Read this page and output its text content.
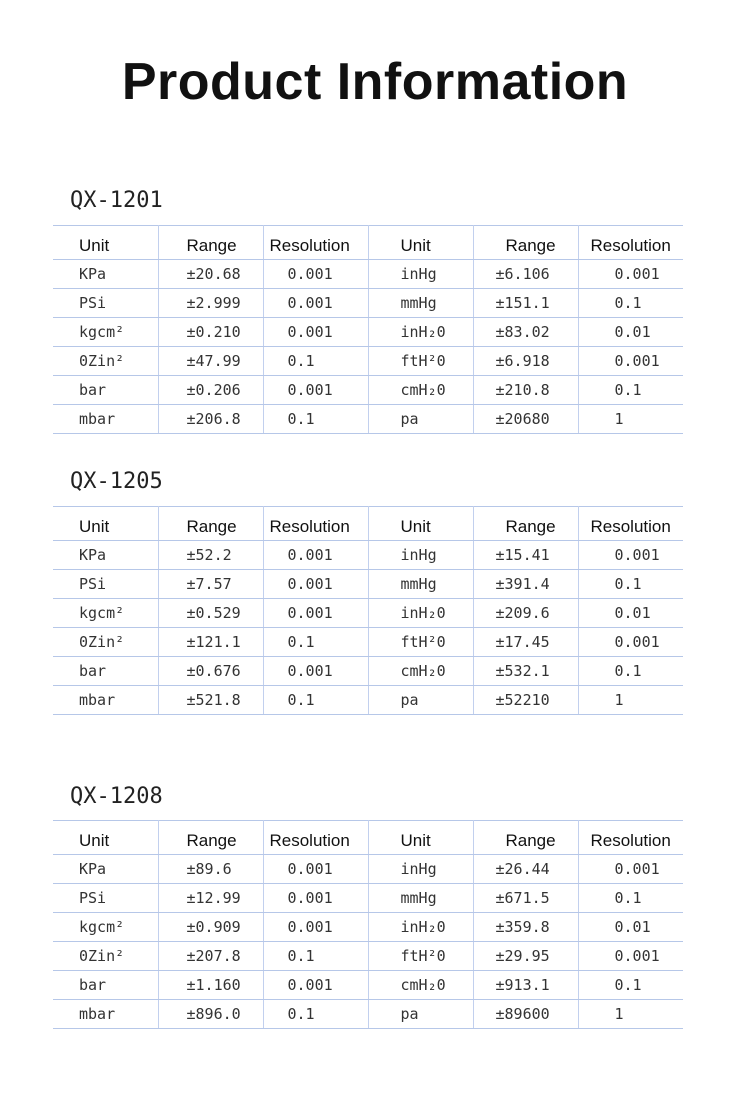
Product Information
QX-1201
Unit	Range	Resolution	Unit	Range	Resolution
KPa	±20.68	0.001	inHg	±6.106	0.001
PSi	±2.999	0.001	mmHg	±151.1	0.1
kgcm²	±0.210	0.001	inH₂0	±83.02	0.01
0Zin²	±47.99	0.1	ftH²0	±6.918	0.001
bar	±0.206	0.001	cmH₂0	±210.8	0.1
mbar	±206.8	0.1	pa	±20680	1
QX-1205
Unit	Range	Resolution	Unit	Range	Resolution
KPa	±52.2	0.001	inHg	±15.41	0.001
PSi	±7.57	0.001	mmHg	±391.4	0.1
kgcm²	±0.529	0.001	inH₂0	±209.6	0.01
0Zin²	±121.1	0.1	ftH²0	±17.45	0.001
bar	±0.676	0.001	cmH₂0	±532.1	0.1
mbar	±521.8	0.1	pa	±52210	1
QX-1208
Unit	Range	Resolution	Unit	Range	Resolution
KPa	±89.6	0.001	inHg	±26.44	0.001
PSi	±12.99	0.001	mmHg	±671.5	0.1
kgcm²	±0.909	0.001	inH₂0	±359.8	0.01
0Zin²	±207.8	0.1	ftH²0	±29.95	0.001
bar	±1.160	0.001	cmH₂0	±913.1	0.1
mbar	±896.0	0.1	pa	±89600	1
